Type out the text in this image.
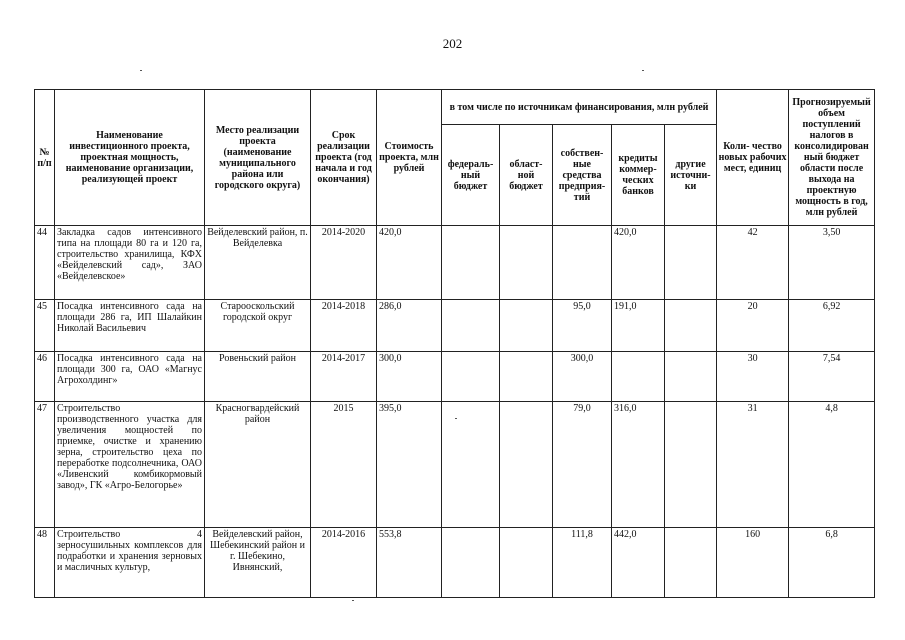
202
№ п/п	Наименование инвестиционного проекта, проектная мощность, наименование организации, реализующей проект	Место реализации проекта (наименование муниципального района или городского округа)	Срок реализации проекта (год начала и год окончания)	Стоимость проекта, млн рублей	в том числе по источникам финансирования, млн рублей					Коли- чество новых рабочих мест, единиц	Прогнозируемый объем поступлений налогов в консолидирован ный бюджет области после выхода на проектную мощность в год, млн рублей
					федераль- ный бюджет	област- ной бюджет	собствен- ные средства предприя- тий	кредиты коммер- ческих банков	другие источни- ки		
44	Закладка садов интенсивного типа на площади 80 га и 120 га, строительство хранилища, КФХ «Вейделевский сад», ЗАО «Вейделевское»	Вейделевский район, п. Вейделевка	2014-2020	420,0				420,0		42	3,50
45	Посадка интенсивного сада на площади 286 га, ИП Шалайкин Николай Васильевич	Старооскольский городской округ	2014-2018	286,0			95,0	191,0		20	6,92
46	Посадка интенсивного сада на площади 300 га, ОАО «Магнус Агрохолдинг»	Ровеньский район	2014-2017	300,0			300,0			30	7,54
47	Строительство производственного участка для увеличения мощностей по приемке, очистке и хранению зерна, строительство цеха по переработке подсолнечника, ОАО «Ливенский комбикормовый завод», ГК «Агро-Белогорье»	Красногвардейский район	2015	395,0			79,0	316,0		31	4,8
48	Строительство 4 зерносушильных комплексов для подработки и хранения зерновых и масличных культур,	Вейделевский район, Шебекинский район и г. Шебекино, Ивнянский,	2014-2016	553,8			111,8	442,0		160	6,8
